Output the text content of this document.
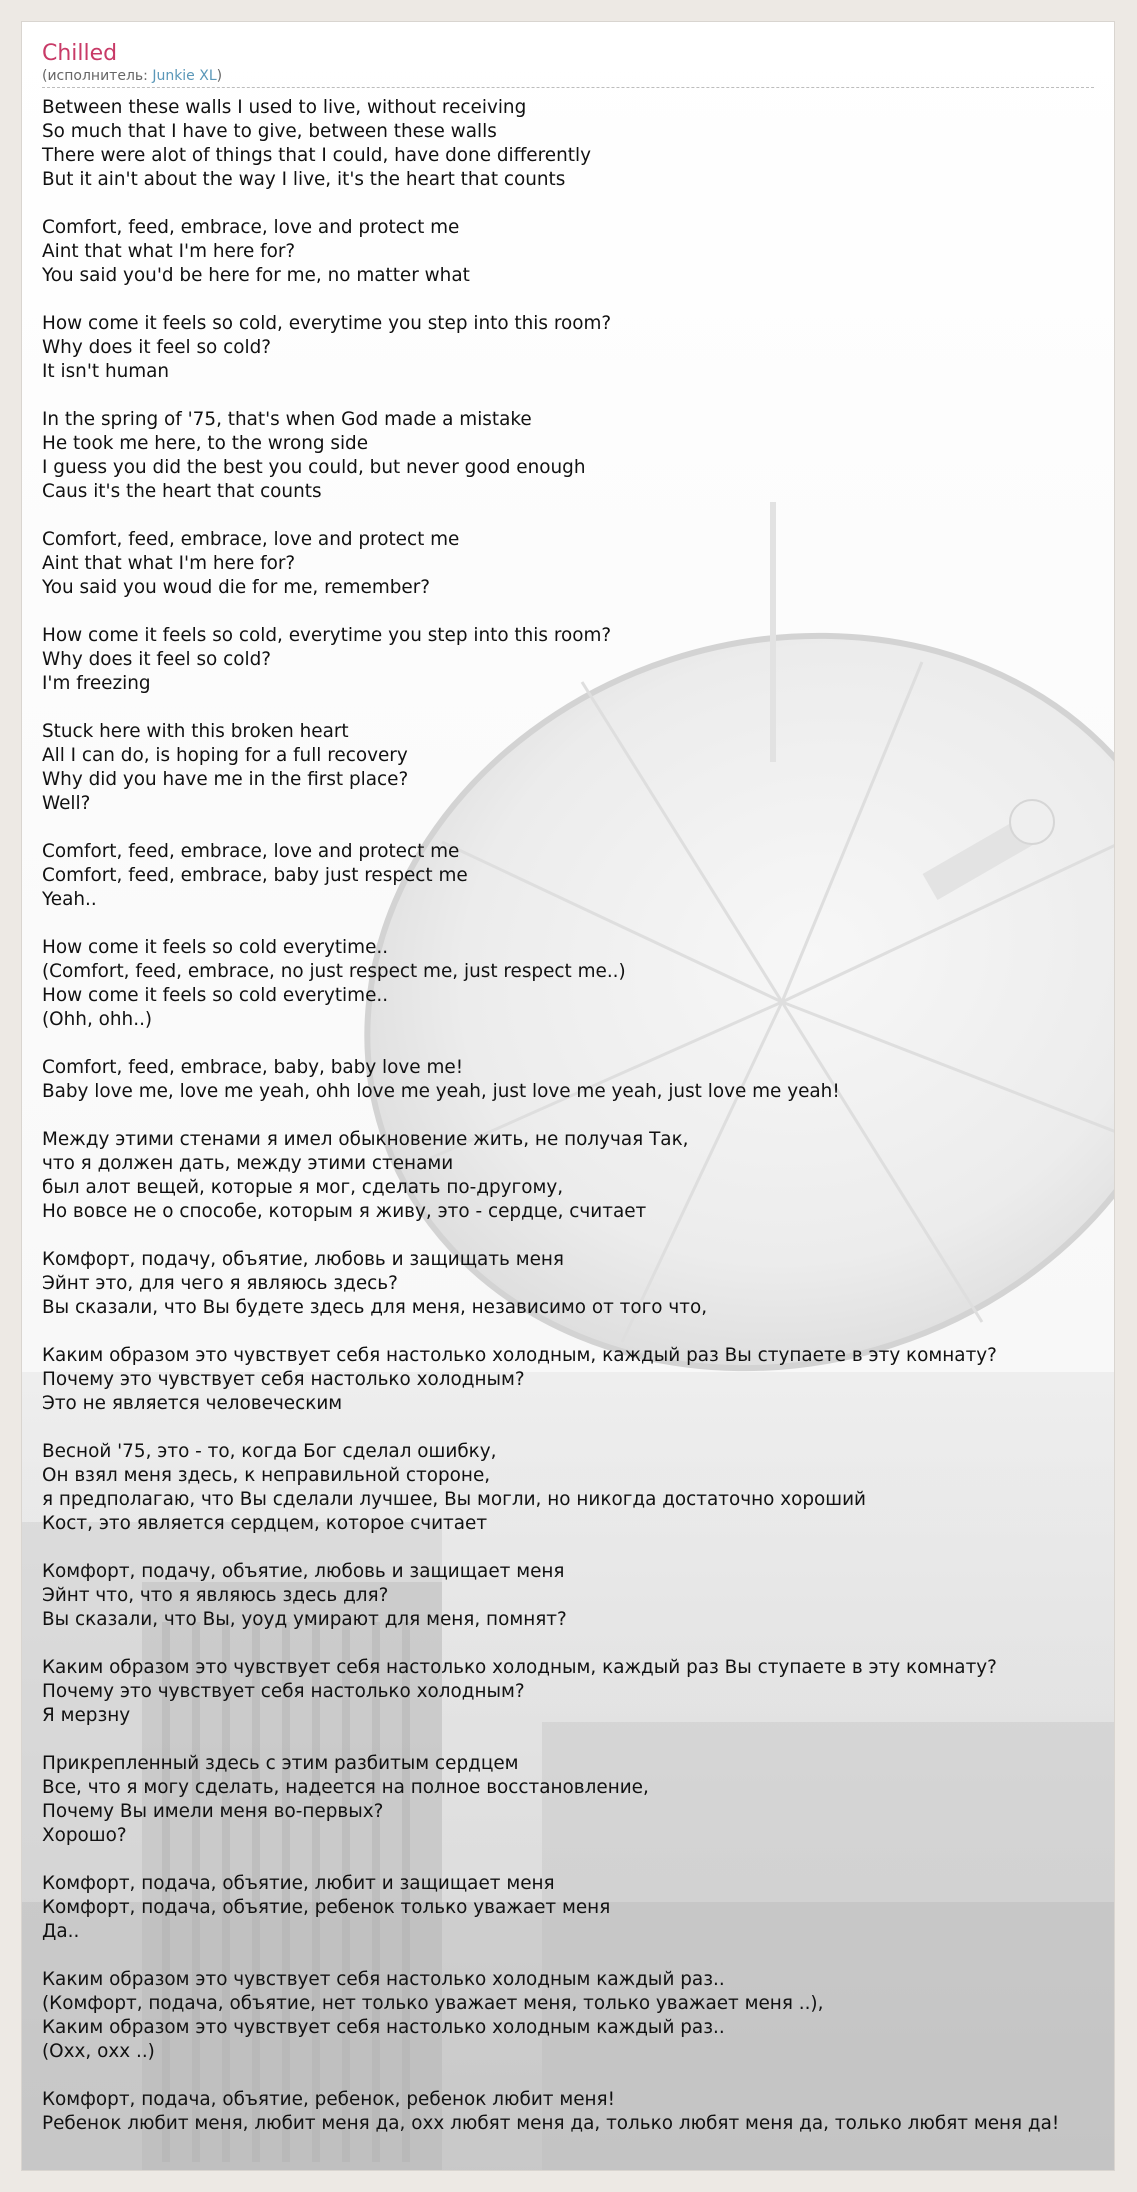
Chilled
(исполнитель: Junkie XL)
Between these walls I used to live, without receiving
So much that I have to give, between these walls
There were alot of things that I could, have done differently
But it ain't about the way I live, it's the heart that counts

Comfort, feed, embrace, love and protect me
Aint that what I'm here for?
You said you'd be here for me, no matter what

How come it feels so cold, everytime you step into this room?
Why does it feel so cold?
It isn't human

In the spring of '75, that's when God made a mistake
He took me here, to the wrong side
I guess you did the best you could, but never good enough
Caus it's the heart that counts

Comfort, feed, embrace, love and protect me
Aint that what I'm here for?
You said you woud die for me, remember?

How come it feels so cold, everytime you step into this room?
Why does it feel so cold?
I'm freezing

Stuck here with this broken heart
All I can do, is hoping for a full recovery
Why did you have me in the first place?
Well?

Comfort, feed, embrace, love and protect me
Comfort, feed, embrace, baby just respect me
Yeah..

How come it feels so cold everytime..
(Comfort, feed, embrace, no just respect me, just respect me..)
How come it feels so cold everytime..
(Ohh, ohh..)

Comfort, feed, embrace, baby, baby love me!
Baby love me, love me yeah, ohh love me yeah, just love me yeah, just love me yeah!
Между этими стенами я имел обыкновение жить, не получая Так,
что я должен дать, между этими стенами
был алот вещей, которые я мог, сделать по-другому,
Но вовсе не о способе, которым я живу, это - сердце, считает

Комфорт, подачу, объятие, любовь и защищать меня
Эйнт это, для чего я являюсь здесь?
Вы сказали, что Вы будете здесь для меня, независимо от того что,

Каким образом это чувствует себя настолько холодным, каждый раз Вы ступаете в эту комнату?
Почему это чувствует себя настолько холодным?
Это не является человеческим

Весной '75, это - то, когда Бог сделал ошибку,
Он взял меня здесь, к неправильной стороне,
я предполагаю, что Вы сделали лучшее, Вы могли, но никогда достаточно хороший
Кост, это является сердцем, которое считает

Комфорт, подачу, объятие, любовь и защищает меня
Эйнт что, что я являюсь здесь для?
Вы сказали, что Вы, уоуд умирают для меня, помнят?

Каким образом это чувствует себя настолько холодным, каждый раз Вы ступаете в эту комнату?
Почему это чувствует себя настолько холодным?
Я мерзну

Прикрепленный здесь с этим разбитым сердцем
Все, что я могу сделать, надеется на полное восстановление,
Почему Вы имели меня во-первых?
Хорошо?

Комфорт, подача, объятие, любит и защищает меня
Комфорт, подача, объятие, ребенок только уважает меня
Да..

Каким образом это чувствует себя настолько холодным каждый раз..
(Комфорт, подача, объятие, нет только уважает меня, только уважает меня ..),
Каким образом это чувствует себя настолько холодным каждый раз..
(Охх, охх ..)

Комфорт, подача, объятие, ребенок, ребенок любит меня!
Ребенок любит меня, любит меня да, охх любят меня да, только любят меня да, только любят меня да!
